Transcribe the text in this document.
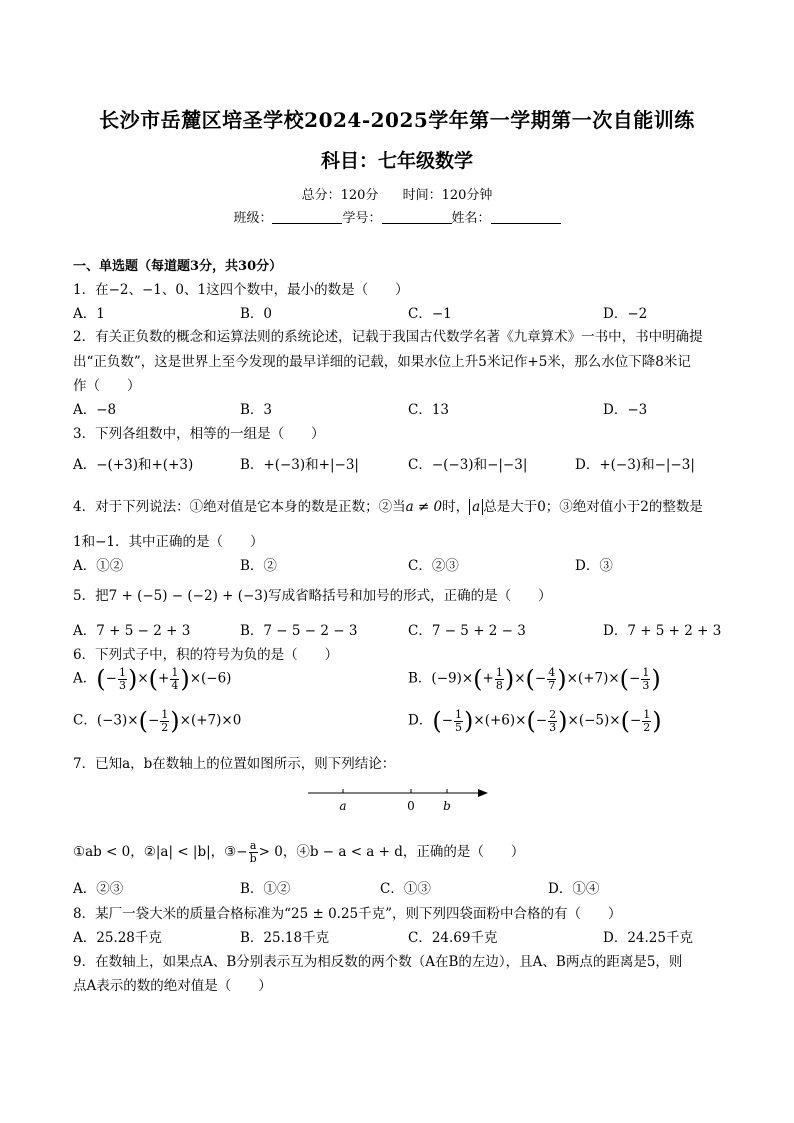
长沙市岳麓区培圣学校2024-2025学年第一学期第一次自能训练
科目：七年级数学
总分：120分 时间：120分钟
班级：	学号：	姓名：
一、单选题（每道题3分，共30分）
1．在−2、−1、0、1这四个数中，最小的数是（　　）
A．1	B．0	C．−1	D．−2
2．有关正负数的概念和运算法则的系统论述，记载于我国古代数学名著《九章算术》一书中，书中明确提
出“正负数”，这是世界上至今发现的最早详细的记载，如果水位上升5米记作+5米，那么水位下降8米记
作（　　）
A．−8	B．3	C．13	D．−3
3．下列各组数中，相等的一组是（　　）
A．−(+3)和+(+3)	B．+(−3)和+|−3|	C．−(−3)和−|−3|	D．+(−3)和−|−3|
4．对于下列说法：①绝对值是它本身的数是正数；②当a ≠ 0时， a 总是大于0；③绝对值小于2的整数是
1和−1．其中正确的是（　　）
A．①②	B．②	C．②③	D．③
5．把7 + (−5) − (−2) + (−3)写成省略括号和加号的形式，正确的是（　　）
A．7 + 5 − 2 + 3	B．7 − 5 − 2 − 3	C．7 − 5 + 2 − 3	D．7 + 5 + 2 + 3
6．下列式子中，积的符号为负的是（　　）
A．(− $\frac{1}{3}$ )×(+ $\frac{1}{4} )\times(-6)$	B．$(-9)\times(+ \frac{1}{8}$ )×(− $\frac{4}{7} )\times(+7)\times(- \frac{1}{3}$ )
C．$(-3)\times(- \frac{1}{2} )\times(+7)\times 0$	D．(− $\frac{1}{5} )\times(+6)\times(- \frac{2}{3} )\times(-5)\times(- \frac{1}{2}$ )
7．已知a，b在数轴上的位置如图所示，则下列结论：
a	0 b
①ab < 0，②|a| < |b|，③− $\frac{a}{b} > 0$，④b − a < a + d，正确的是（　　）
A．②③	B．①②	C．①③	D．①④
8．某厂一袋大米的质量合格标准为“25 ± 0.25千克”，则下列四袋面粉中合格的有（　　）
A．25.28千克	B．25.18千克	C．24.69千克	D．24.25千克
9．在数轴上，如果点A、B分别表示互为相反数的两个数（A在B的左边），且A、B两点的距离是5，则
点A表示的数的绝对值是（　　）
